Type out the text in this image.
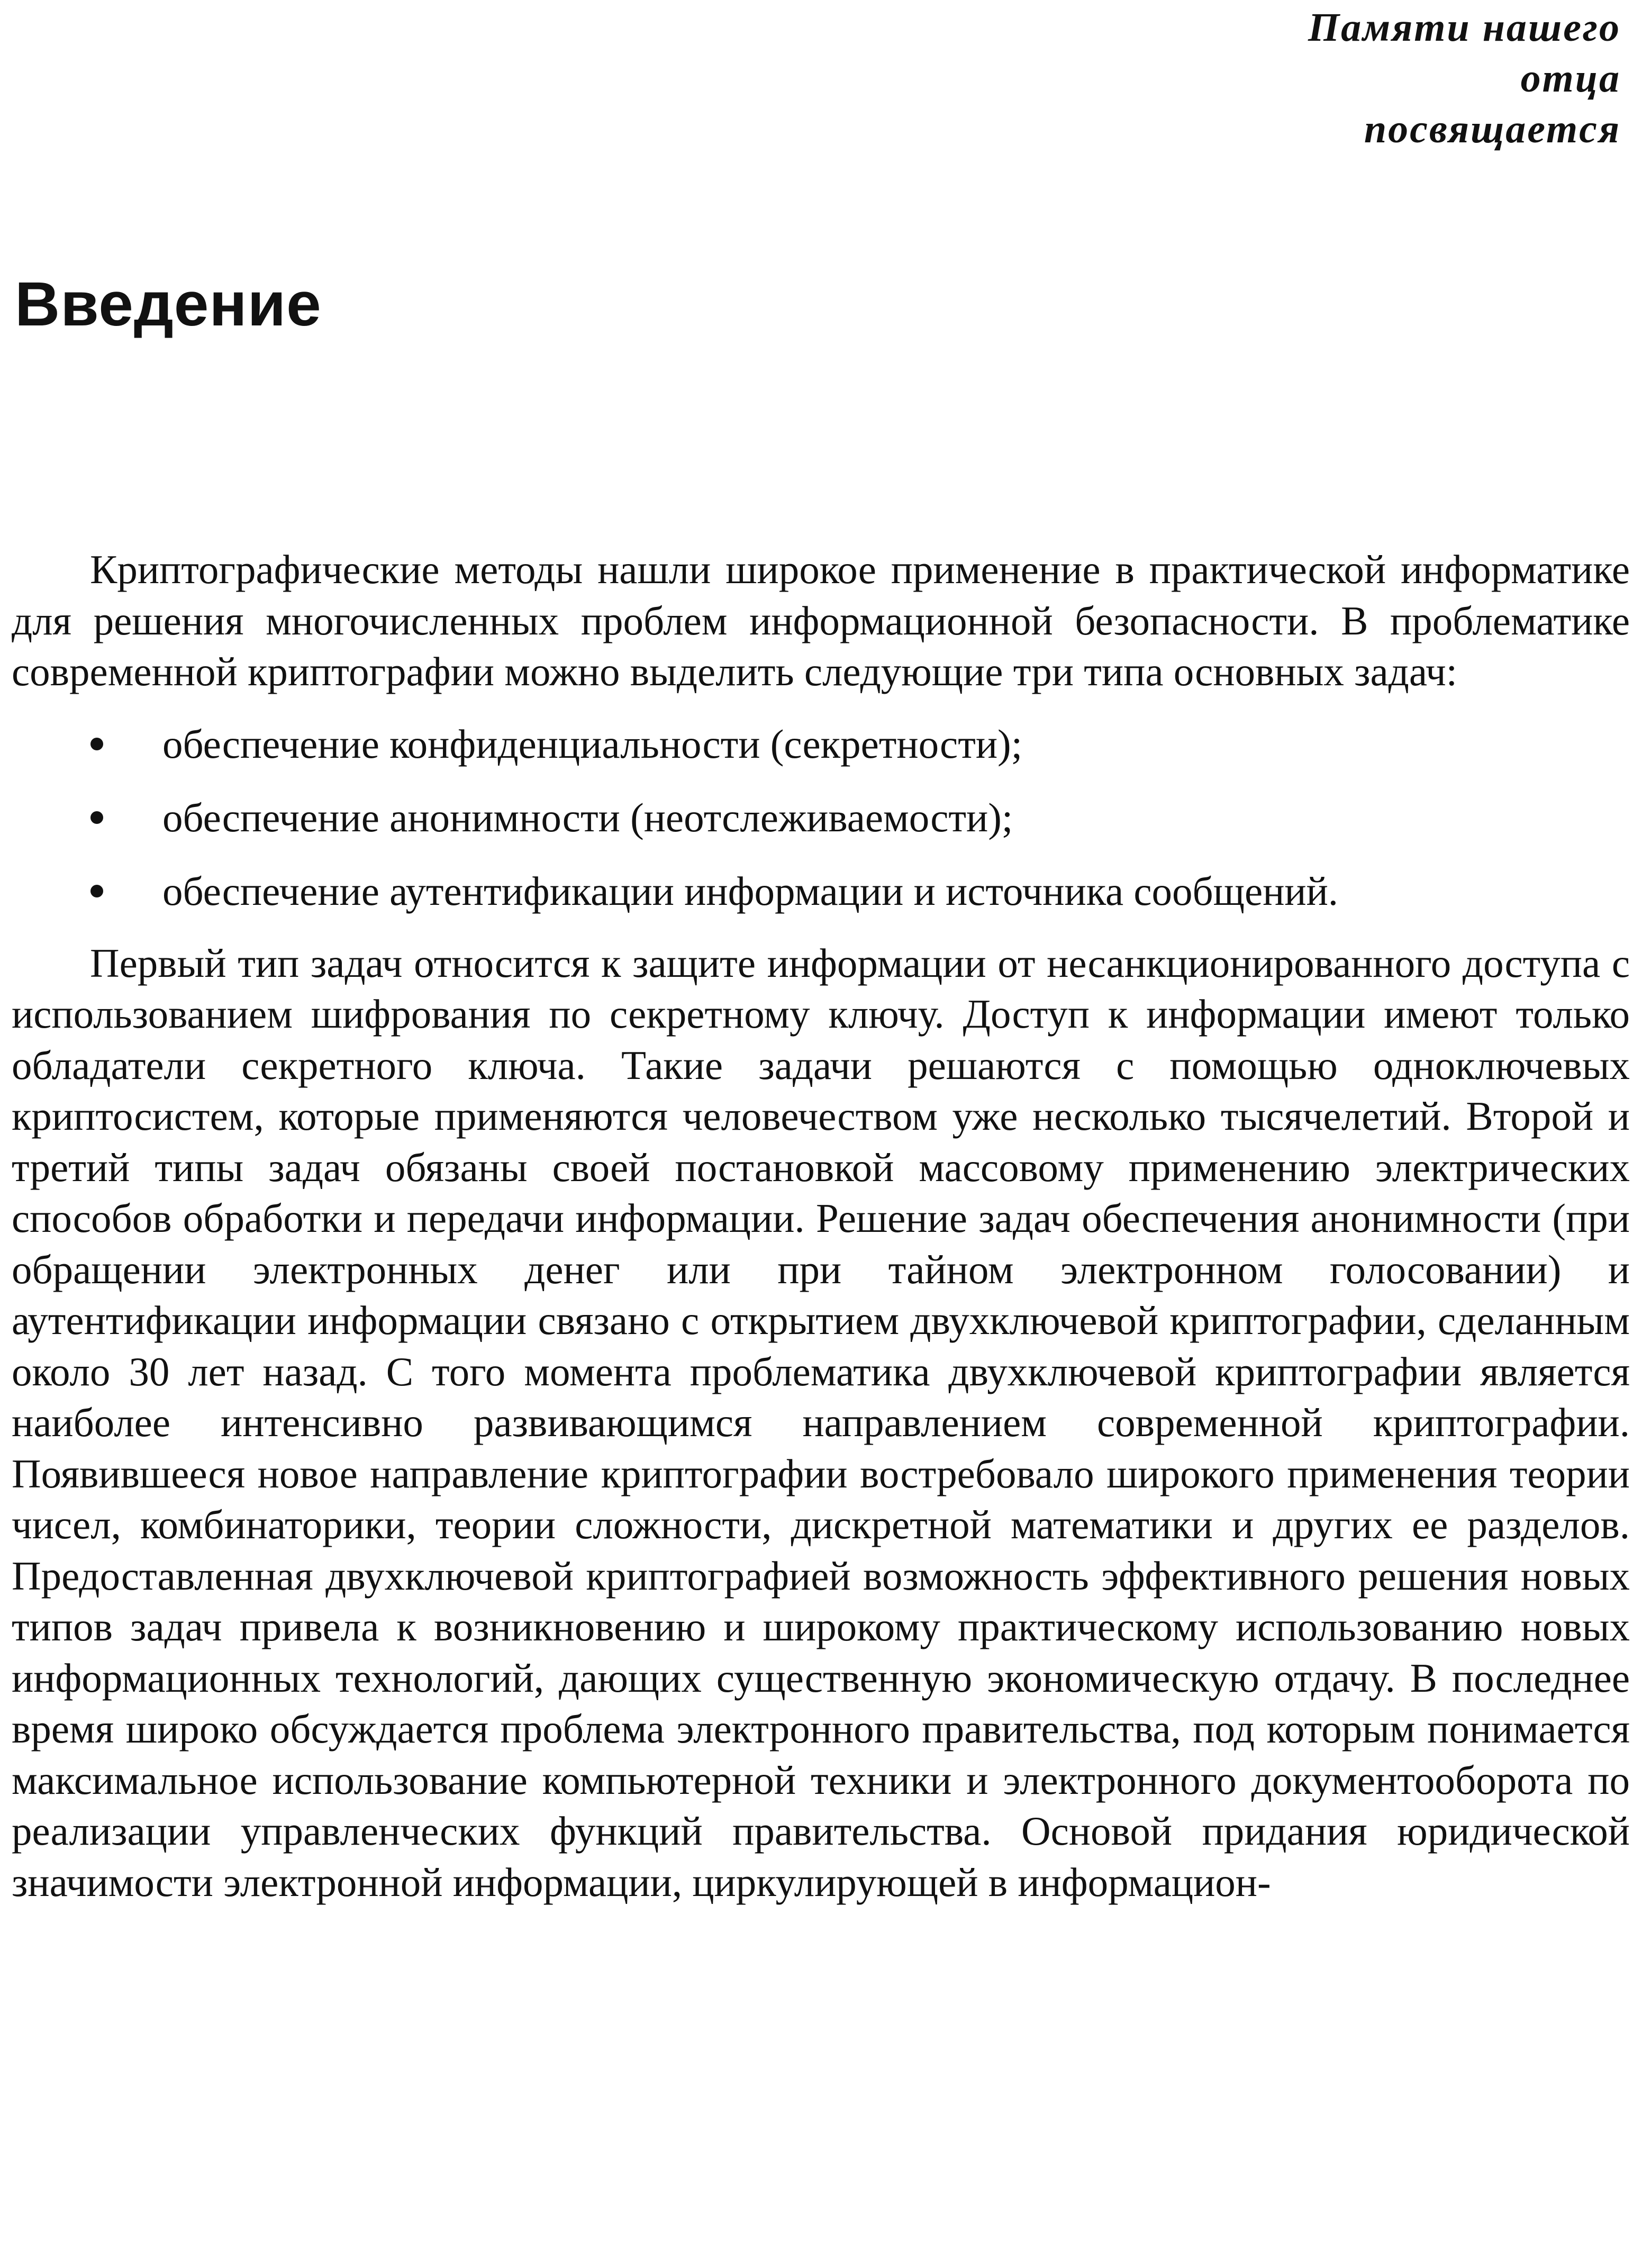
Памяти нашего отца
посвящается
Введение

Криптографические методы нашли широкое применение в практической информатике для решения многочисленных проблем информационной безопасности. В проблематике современной криптографии можно выделить следующие три типа основных задач:

обеспечение конфиденциальности (секретности);
обеспечение анонимности (неотслеживаемости);
обеспечение аутентификации информации и источника сообщений.

Первый тип задач относится к защите информации от несанкционированного доступа с использованием шифрования по секретному ключу. Доступ к информации имеют только обладатели секретного ключа. Такие задачи решаются с помощью одноключевых криптосистем, которые применяются человечеством уже несколько тысячелетий. Второй и третий типы задач обязаны своей постановкой массовому применению электрических способов обработки и передачи информации. Решение задач обеспечения анонимности (при обращении электронных денег или при тайном электронном голосовании) и аутентификации информации связано с открытием двухключевой криптографии, сделанным около 30 лет назад. С того момента проблематика двухключевой криптографии является наиболее интенсивно развивающимся направлением современной криптографии. Появившееся новое направление криптографии востребовало широкого применения теории чисел, комбинаторики, теории сложности, дискретной математики и других ее разделов. Предоставленная двухключевой криптографией возможность эффективного решения новых типов задач привела к возникновению и широкому практическому использованию новых информационных технологий, дающих существенную экономическую отдачу. В последнее время широко обсуждается проблема электронного правительства, под которым понимается максимальное использование компьютерной техники и электронного документооборота по реализации управленческих функций правительства. Основой придания юридической значимости электронной информации, циркулирующей в информацион-
